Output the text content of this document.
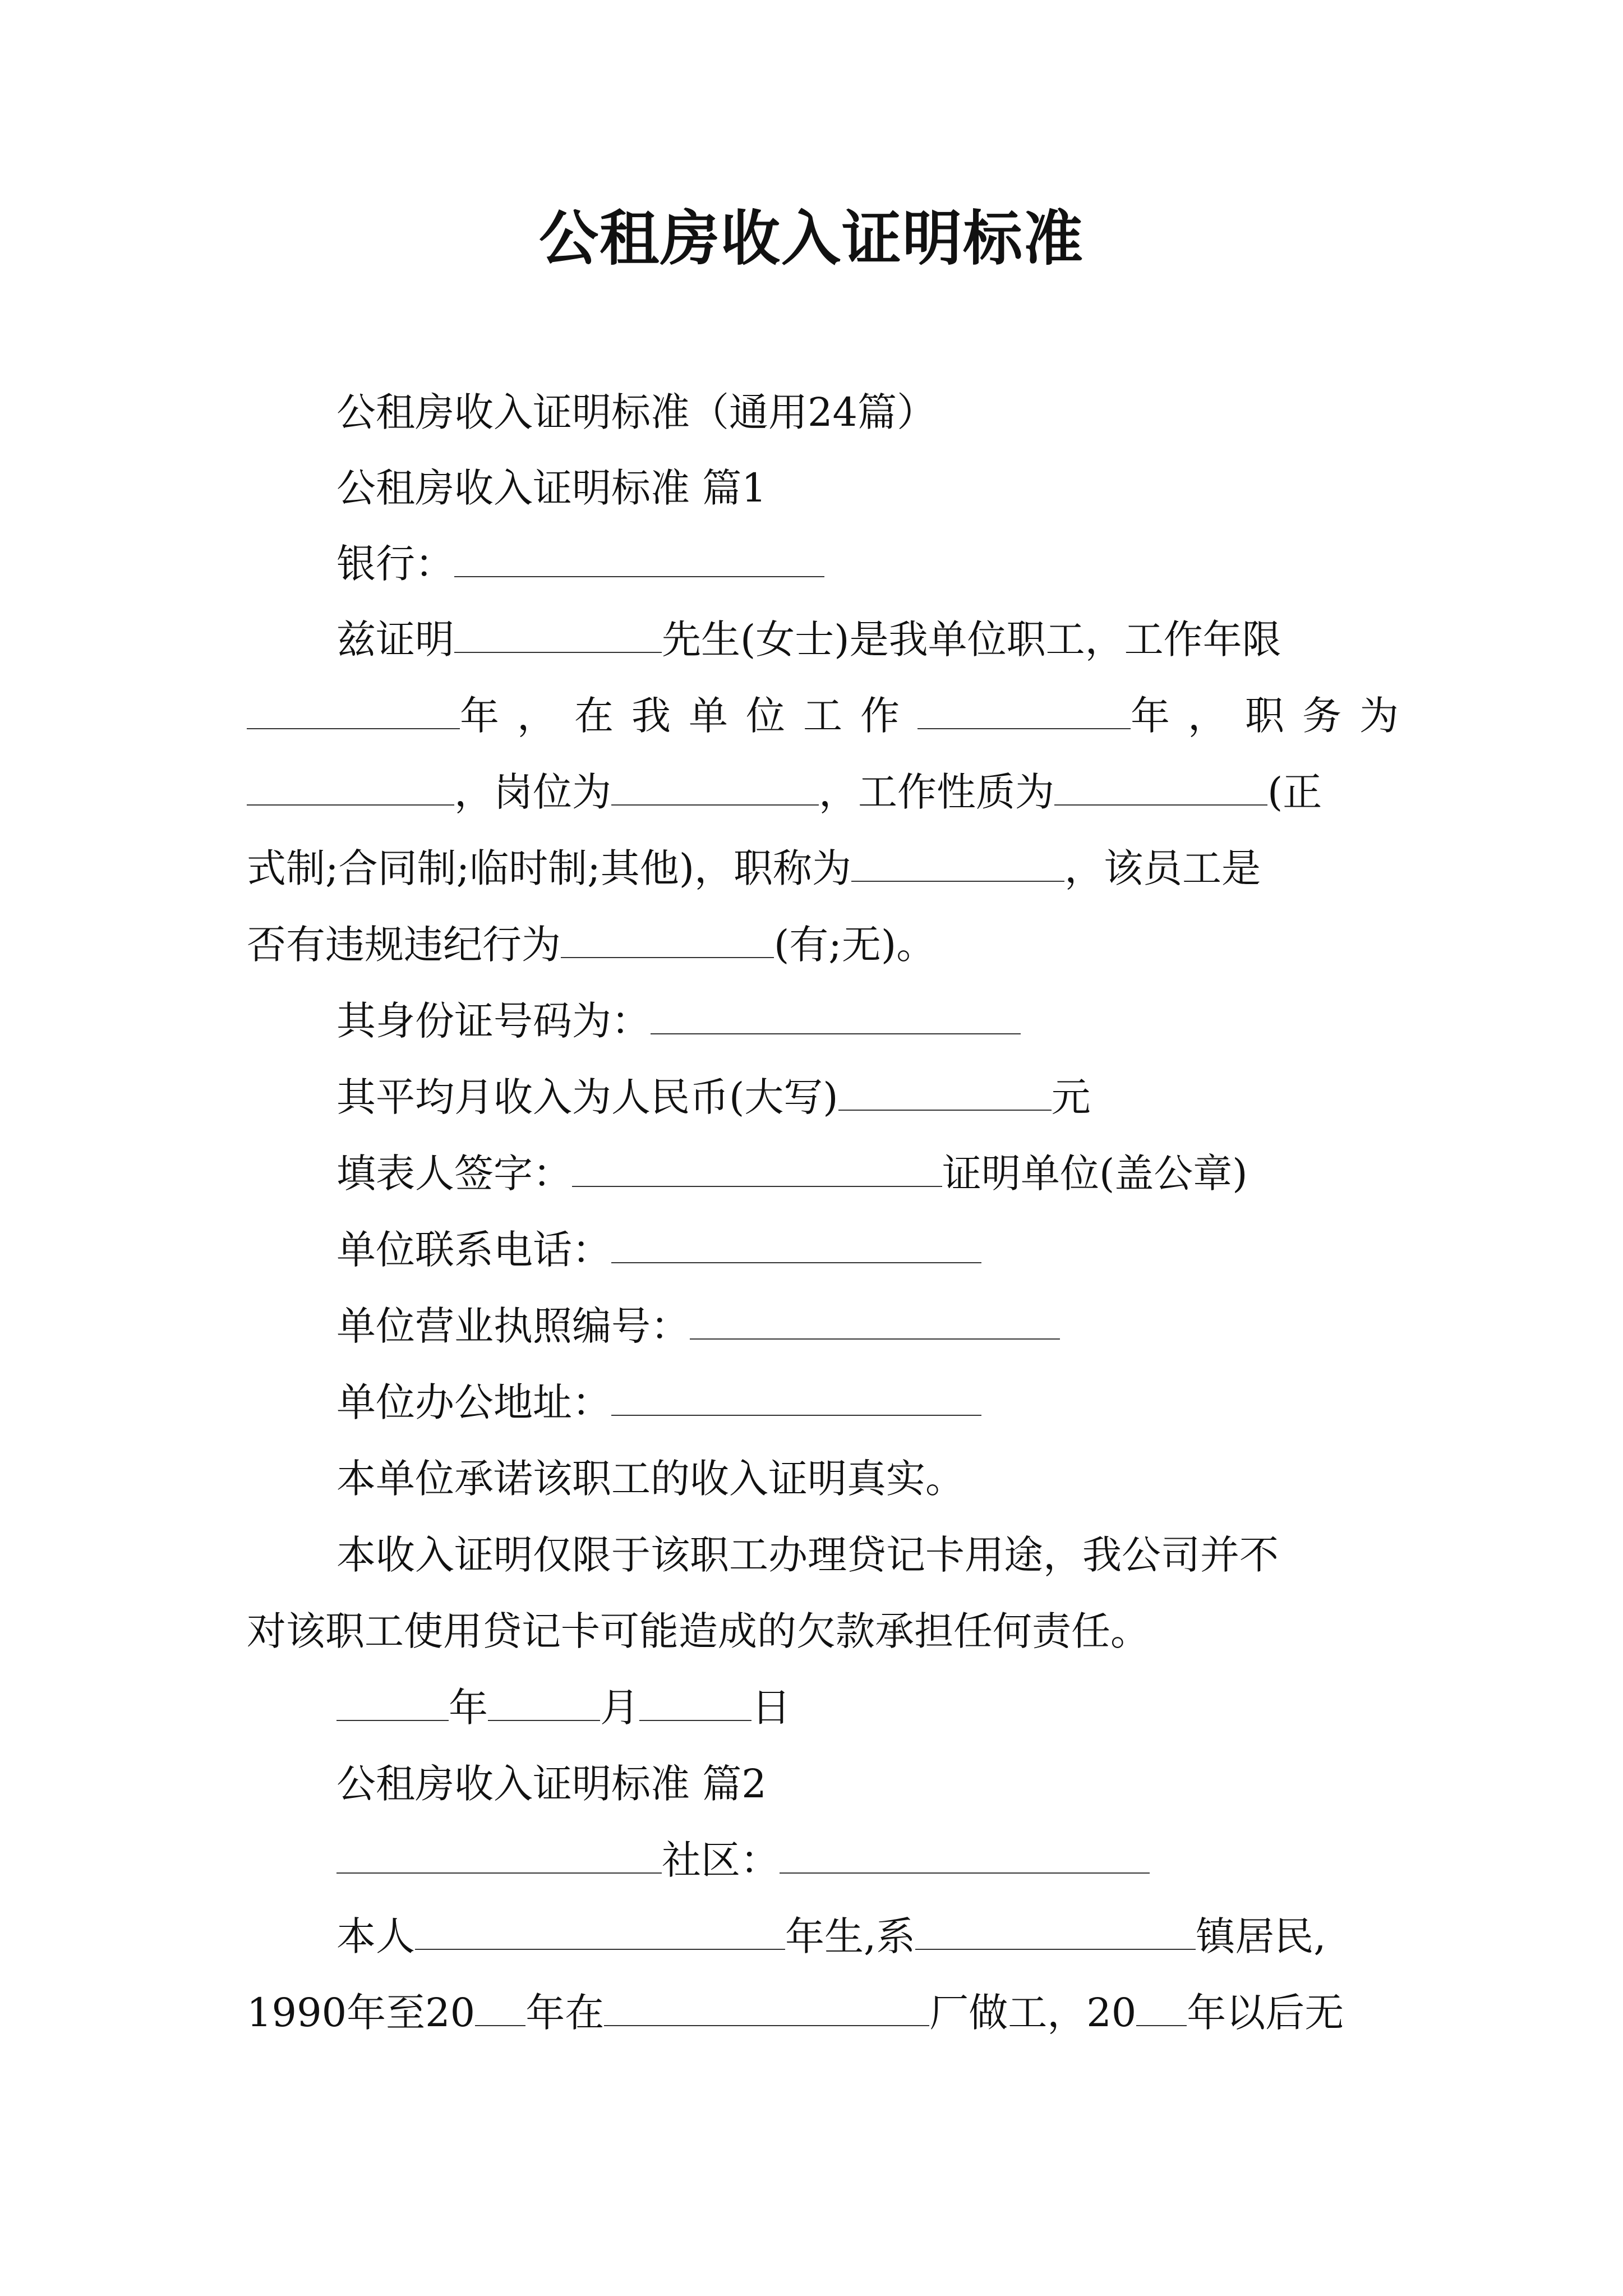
公租房收入证明标准
公租房收入证明标准（通用24篇）
公租房收入证明标准 篇1
银行：
兹证明	先生(女士)是我单位职工，工作年限
年，在我单位工作	年，职务为
，岗位为	，工作性质为	(正
式制;合同制;临时制;其他)，职称为	，该员工是
否有违规违纪行为	(有;无)。
其身份证号码为：
其平均月收入为人民币(大写)	元
填表人签字：	证明单位(盖公章)
单位联系电话：
单位营业执照编号：
单位办公地址：
本单位承诺该职工的收入证明真实。
本收入证明仅限于该职工办理贷记卡用途，我公司并不
对该职工使用贷记卡可能造成的欠款承担任何责任。
年	月	日
公租房收入证明标准 篇2
社区：
本人	年生,系	镇居民,
1990年至20 年在	厂做工，20 年以后无
